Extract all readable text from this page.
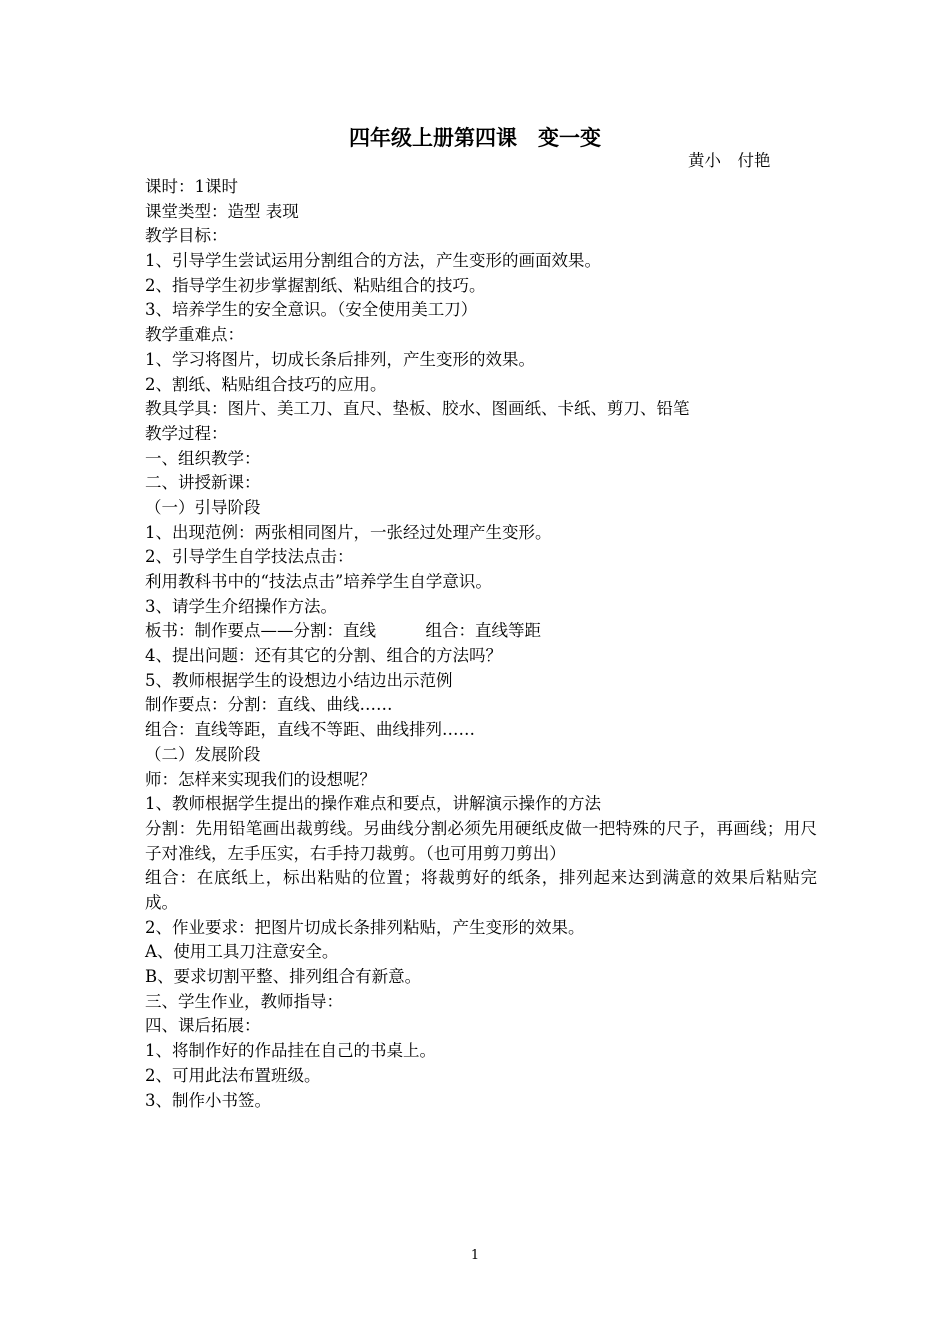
四年级上册第四课　变一变
黄小　付艳
课时：1课时
课堂类型：造型 表现
教学目标：
1、引导学生尝试运用分割组合的方法，产生变形的画面效果。
2、指导学生初步掌握割纸、粘贴组合的技巧。
3、培养学生的安全意识。（安全使用美工刀）
教学重难点：
1、学习将图片，切成长条后排列，产生变形的效果。
2、割纸、粘贴组合技巧的应用。
教具学具：图片、美工刀、直尺、垫板、胶水、图画纸、卡纸、剪刀、铅笔
教学过程：
一、组织教学：
二、讲授新课：
（一）引导阶段
1、出现范例：两张相同图片，一张经过处理产生变形。
2、引导学生自学技法点击：
利用教科书中的“技法点击”培养学生自学意识。
3、请学生介绍操作方法。
板书：制作要点——分割：直线　　　组合：直线等距
4、提出问题：还有其它的分割、组合的方法吗？
5、教师根据学生的设想边小结边出示范例
制作要点：分割：直线、曲线……
组合：直线等距，直线不等距、曲线排列……
（二）发展阶段
师：怎样来实现我们的设想呢？
1、教师根据学生提出的操作难点和要点，讲解演示操作的方法
分割：先用铅笔画出裁剪线。另曲线分割必须先用硬纸皮做一把特殊的尺子，再画线；用尺子对准线，左手压实，右手持刀裁剪。（也可用剪刀剪出）
组合：在底纸上，标出粘贴的位置；将裁剪好的纸条，排列起来达到满意的效果后粘贴完成。
2、作业要求：把图片切成长条排列粘贴，产生变形的效果。
A、使用工具刀注意安全。
B、要求切割平整、排列组合有新意。
三、学生作业，教师指导：
四、课后拓展：
1、将制作好的作品挂在自己的书桌上。
2、可用此法布置班级。
3、制作小书签。
1
